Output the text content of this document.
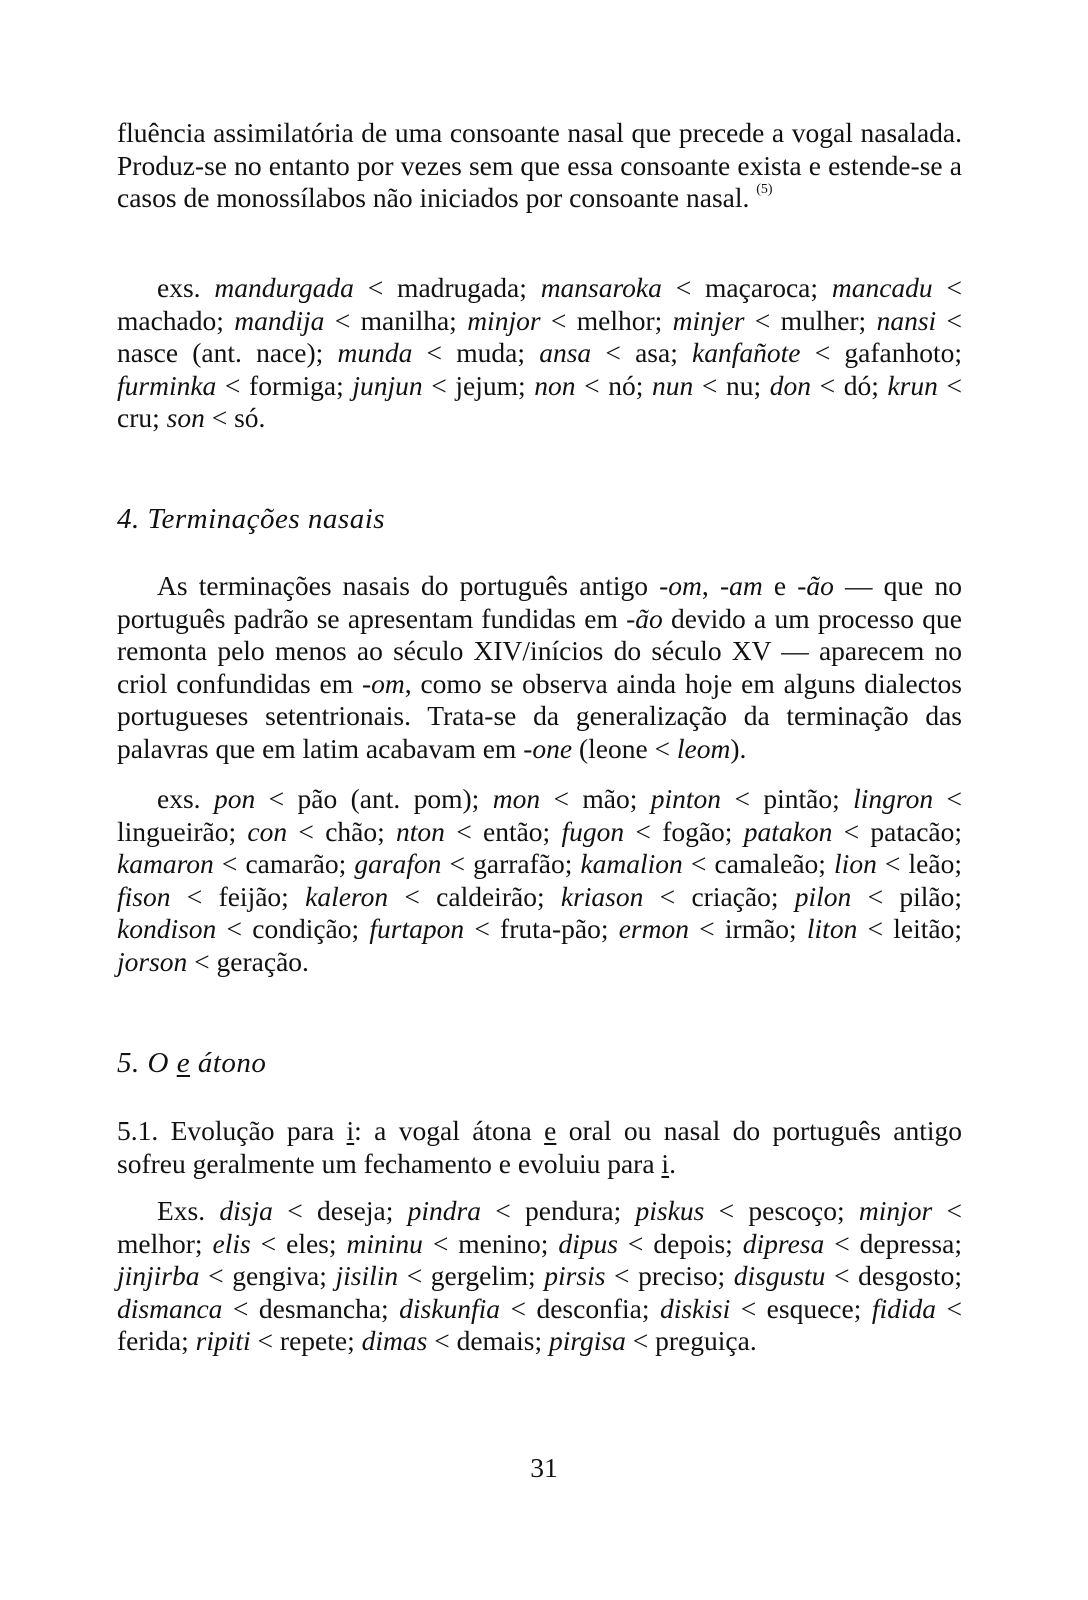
fluência assimilatória de uma consoante nasal que precede a vogal nasalada. Produz-se no entanto por vezes sem que essa consoante exista e estende-se a casos de monossílabos não iniciados por consoante nasal. $^{(5)}$

exs. mandurgada < madrugada; mansaroka < maçaroca; mancadu < machado; mandija < manilha; minjor < melhor; minjer < mulher; nansi < nasce (ant. nace); munda < muda; ansa < asa; kanfañote < gafanhoto; furminka < formiga; junjun < jejum; non < nó; nun < nu; don < dó; krun < cru; son < só.

4. Terminações nasais

As terminações nasais do português antigo -om, -am e -ão — que no português padrão se apresentam fundidas em -ão devido a um processo que remonta pelo menos ao século XIV/inícios do século XV — aparecem no criol confundidas em -om, como se observa ainda hoje em alguns dialectos portugueses setentrionais. Trata-se da generalização da terminação das palavras que em latim acabavam em -one (leone < leom).

exs. pon < pão (ant. pom); mon < mão; pinton < pintão; lingron < lingueirão; con < chão; nton < então; fugon < fogão; patakon < patacão; kamaron < camarão; garafon < garrafão; kamalion < camaleão; lion < leão; fison < feijão; kaleron < caldeirão; kriason < criação; pilon < pilão; kondison < condição; furtapon < fruta-pão; ermon < irmão; liton < leitão; jorson < geração.

5. O e átono

5.1. Evolução para i: a vogal átona e oral ou nasal do português antigo sofreu geralmente um fechamento e evoluiu para i.

Exs. disja < deseja; pindra < pendura; piskus < pescoço; minjor < melhor; elis < eles; mininu < menino; dipus < depois; dipresa < depressa; jinjirba < gengiva; jisilin < gergelim; pirsis < preciso; disgustu < desgosto; dismanca < desmancha; diskunfia < desconfia; diskisi < esquece; fidida < ferida; ripiti < repete; dimas < demais; pirgisa < preguiça.

31
